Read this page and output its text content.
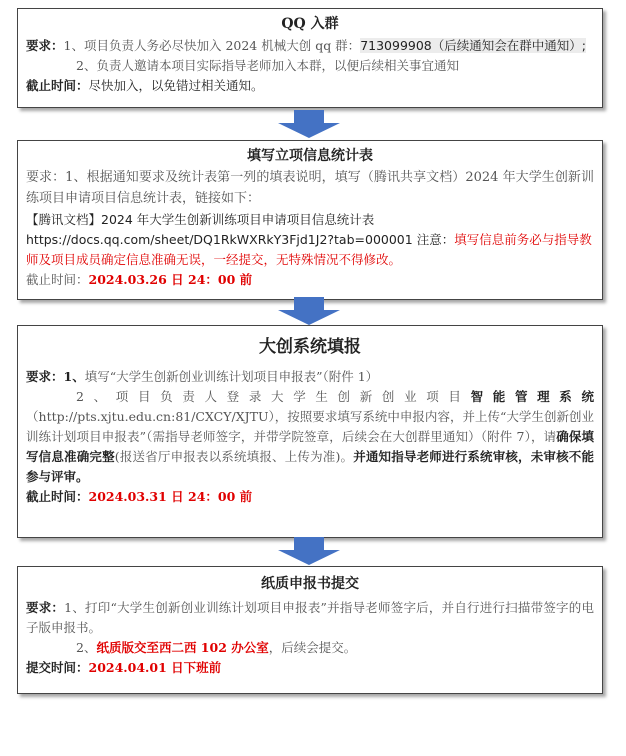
QQ 入群
要求：1、项目负责人务必尽快加入 2024 机械大创 qq 群：713099908（后续通知会在群中通知）;
2、负责人邀请本项目实际指导老师加入本群，以便后续相关事宜通知
截止时间：尽快加入，以免错过相关通知。
填写立项信息统计表
要求：1、根据通知要求及统计表第一列的填表说明，填写（腾讯共享文档）2024 年大学生创新训练项目申请项目信息统计表，链接如下：
【腾讯文档】2024 年大学生创新训练项目申请项目信息统计表
https://docs.qq.com/sheet/DQ1RkWXRkY3Fjd1J2?tab=000001 注意：填写信息前务必与指导教师及项目成员确定信息准确无误，一经提交，无特殊情况不得修改。
截止时间：2024.03.26 日 24：00 前
大创系统填报
要求：1、填写“大学生创新创业训练计划项目申报表”（附件 1）
2、项目负责人登录大学生创新创业项目智能管理系统（http://pts.xjtu.edu.cn:81/CXCY/XJTU），按照要求填写系统中申报内容，并上传“大学生创新创业训练计划项目申报表”（需指导老师签字，并带学院签章，后续会在大创群里通知）（附件 7），请确保填写信息准确完整(报送省厅申报表以系统填报、上传为准)。并通知指导老师进行系统审核，未审核不能参与评审。
截止时间：2024.03.31 日 24：00 前
纸质申报书提交
要求：1、打印“大学生创新创业训练计划项目申报表”并指导老师签字后，并自行进行扫描带签字的电子版申报书。
2、纸质版交至西二西 102 办公室，后续会提交。
提交时间：2024.04.01 日下班前
